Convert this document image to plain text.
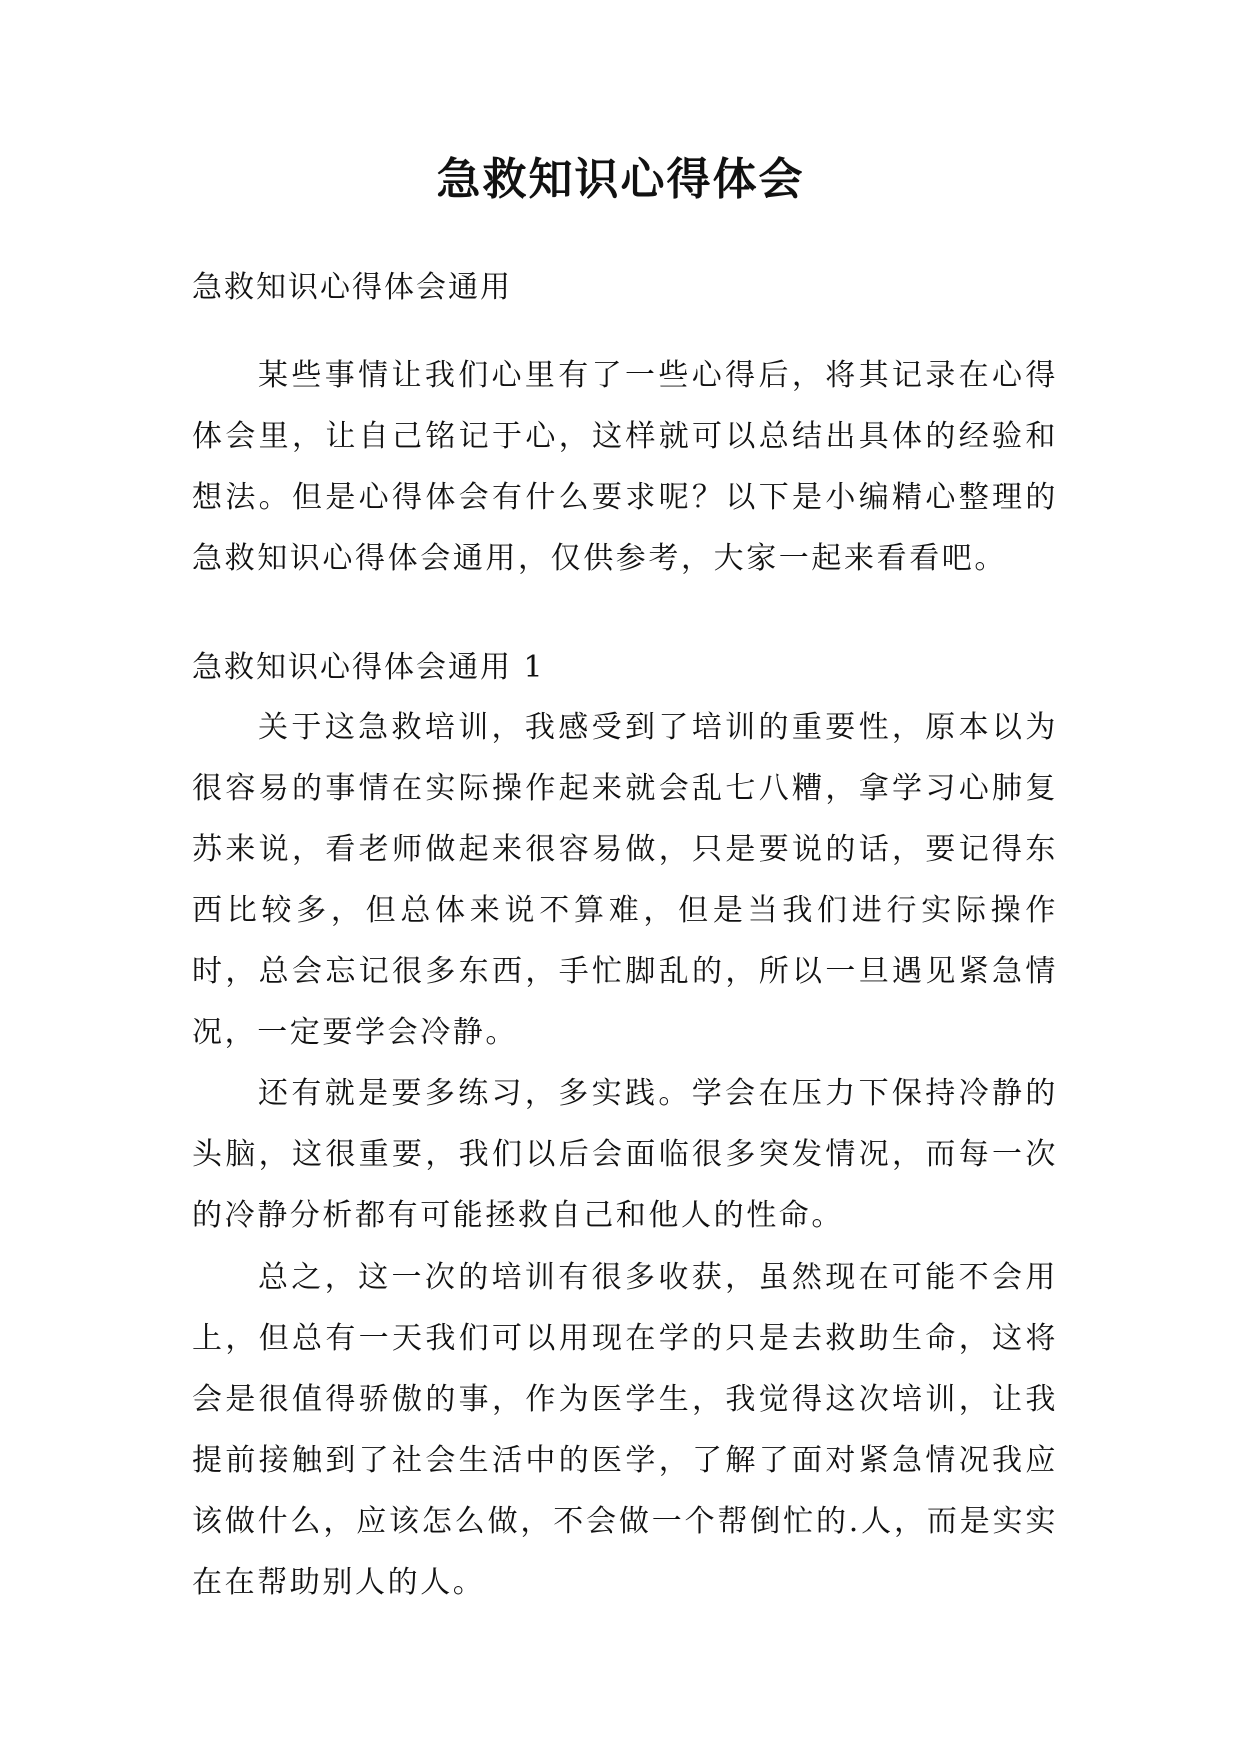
急救知识心得体会

急救知识心得体会通用

某些事情让我们心里有了一些心得后，将其记录在心得体会里，让自己铭记于心，这样就可以总结出具体的经验和想法。但是心得体会有什么要求呢？以下是小编精心整理的急救知识心得体会通用，仅供参考，大家一起来看看吧。

急救知识心得体会通用 1

关于这急救培训，我感受到了培训的重要性，原本以为很容易的事情在实际操作起来就会乱七八糟，拿学习心肺复苏来说，看老师做起来很容易做，只是要说的话，要记得东西比较多，但总体来说不算难，但是当我们进行实际操作时，总会忘记很多东西，手忙脚乱的，所以一旦遇见紧急情况，一定要学会冷静。

还有就是要多练习，多实践。学会在压力下保持冷静的头脑，这很重要，我们以后会面临很多突发情况，而每一次的冷静分析都有可能拯救自己和他人的性命。

总之，这一次的培训有很多收获，虽然现在可能不会用上，但总有一天我们可以用现在学的只是去救助生命，这将会是很值得骄傲的事，作为医学生，我觉得这次培训，让我提前接触到了社会生活中的医学，了解了面对紧急情况我应该做什么，应该怎么做，不会做一个帮倒忙的.人，而是实实在在帮助别人的人。
